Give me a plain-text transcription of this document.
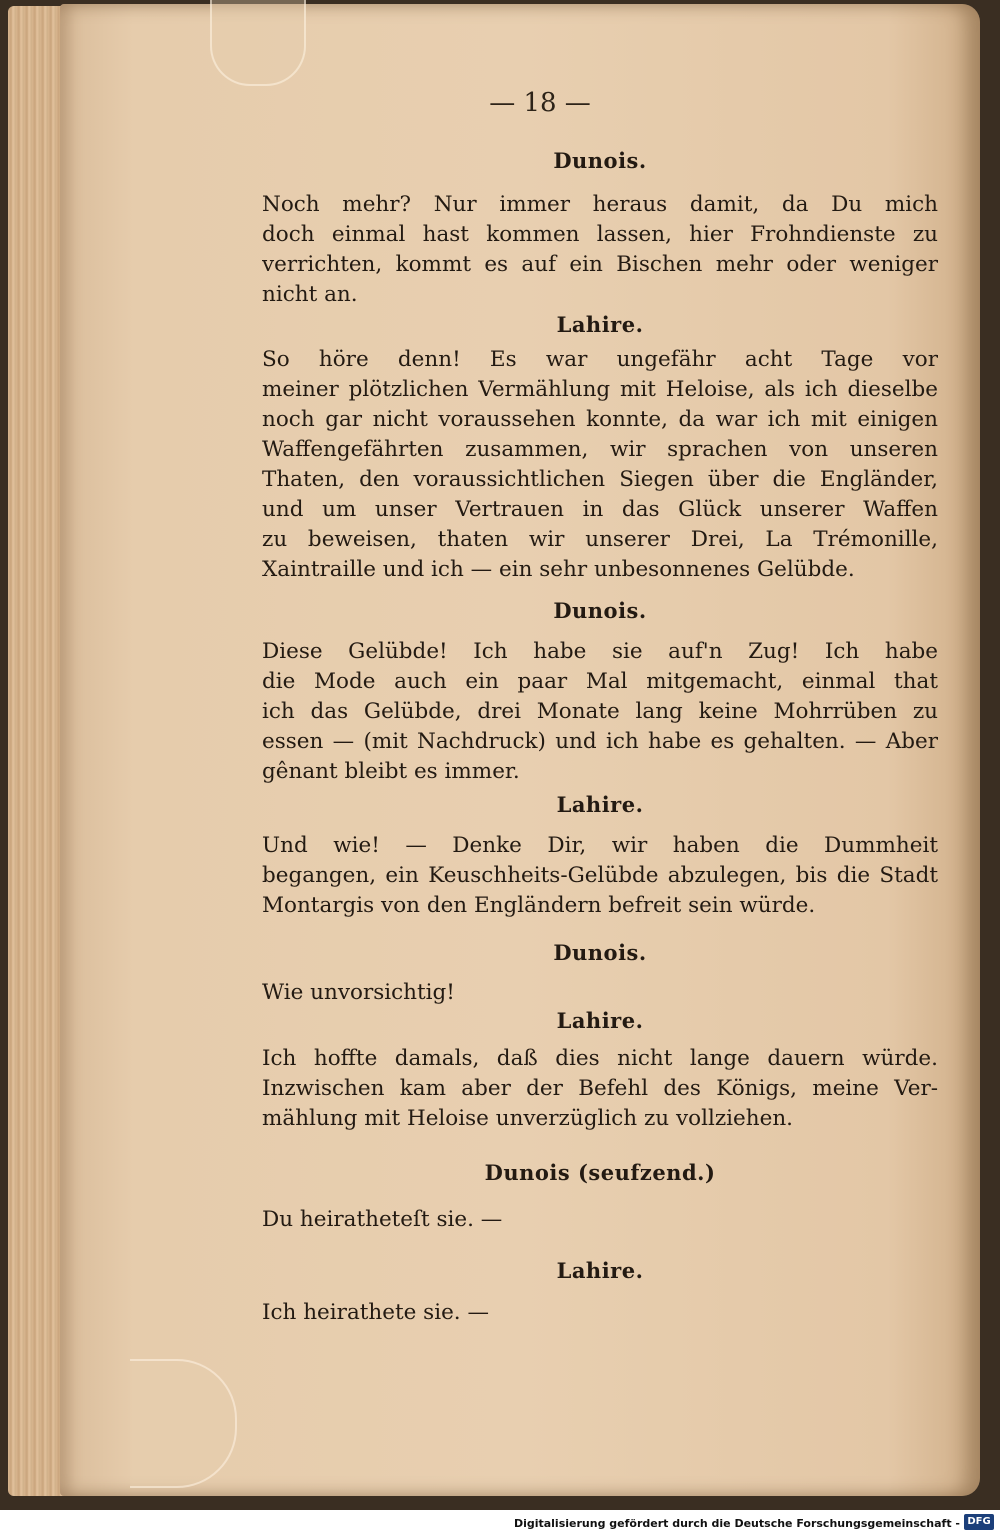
— 18 —
Dunois.
Noch mehr? Nur immer heraus damit, da Du mich
doch einmal hast kommen lassen, hier Frohndienste zu
verrichten, kommt es auf ein Bischen mehr oder weniger
nicht an.
Lahire.
So höre denn! Es war ungefähr acht Tage vor
meiner plötzlichen Vermählung mit Heloise, als ich dieselbe
noch gar nicht voraussehen konnte, da war ich mit einigen
Waffengefährten zusammen, wir sprachen von unseren
Thaten, den voraussichtlichen Siegen über die Engländer,
und um unser Vertrauen in das Glück unserer Waffen
zu beweisen, thaten wir unserer Drei, La Trémonille,
Xaintraille und ich — ein sehr unbesonnenes Gelübde.
Dunois.
Diese Gelübde! Ich habe sie auf'n Zug! Ich habe
die Mode auch ein paar Mal mitgemacht, einmal that
ich das Gelübde, drei Monate lang keine Mohrrüben zu
essen — (mit Nachdruck) und ich habe es gehalten. — Aber
gênant bleibt es immer.
Lahire.
Und wie! — Denke Dir, wir haben die Dummheit
begangen, ein Keuschheits-Gelübde abzulegen, bis die Stadt
Montargis von den Engländern befreit sein würde.
Dunois.
Wie unvorsichtig!
Lahire.
Ich hoffte damals, daß dies nicht lange dauern würde.
Inzwischen kam aber der Befehl des Königs, meine Ver-
mählung mit Heloise unverzüglich zu vollziehen.
Dunois (seufzend.)
Du heiratheteſt sie. —
Lahire.
Ich heirathete sie. —
Digitalisierung gefördert durch die Deutsche Forschungsgemeinschaft - DFG
